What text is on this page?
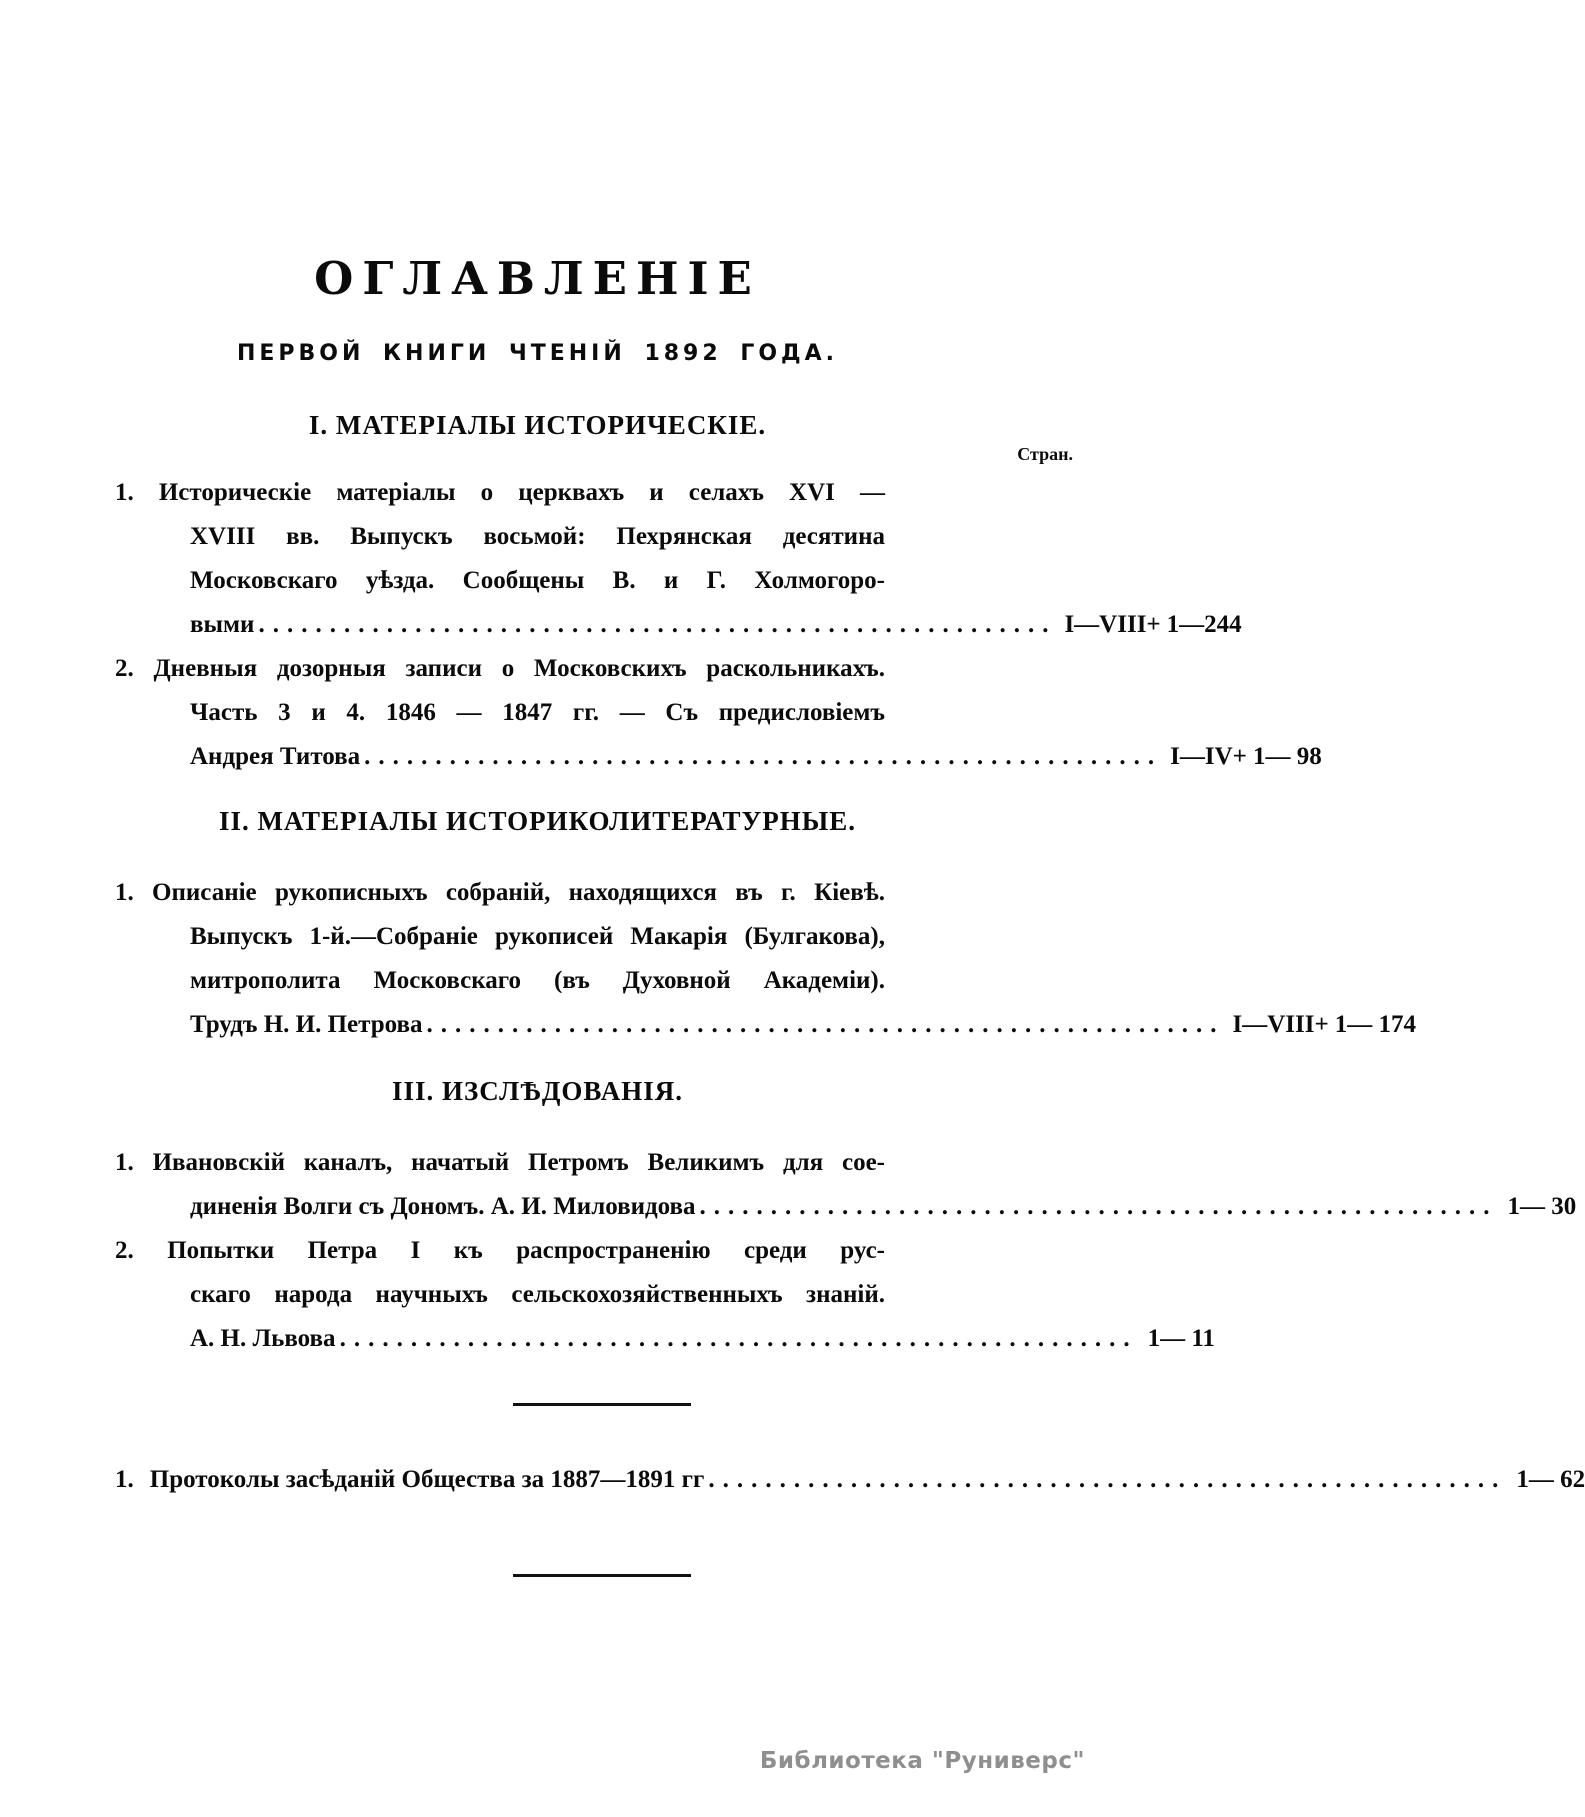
ОГЛАВЛЕНІЕ
ПЕРВОЙ КНИГИ ЧТЕНІЙ 1892 ГОДА.
I. МАТЕРІАЛЫ ИСТОРИЧЕСКІЕ.
Стран.
1. Историческіе матеріалы о церквахъ и селахъ XVI —
XVIII вв. Выпускъ восьмой: Пехрянская десятина
Московскаго уѣзда. Сообщены В. и Г. Холмогоро-
выми ........................................................ I—VIII+ 1—244
2. Дневныя дозорныя записи о Московскихъ раскольникахъ.
Часть 3 и 4. 1846 — 1847 гг. — Съ предисловіемъ
Андрея Титова ........................................................ I—IV+ 1— 98
II. МАТЕРІАЛЫ ИСТОРИКОЛИТЕРАТУРНЫЕ.
1. Описаніе рукописныхъ собраній, находящихся въ г. Кіевѣ.
Выпускъ 1-й.—Собраніе рукописей Макарія (Булгакова),
митрополита Московскаго (въ Духовной Академіи).
Трудъ Н. И. Петрова ........................................................ I—VIII+ 1— 174
III. ИЗСЛѢДОВАНІЯ.
1. Ивановскій каналъ, начатый Петромъ Великимъ для сое-
диненія Волги съ Дономъ. А. И. Миловидова ........................................................ 1— 30
2. Попытки Петра I къ распространенію среди рус-
скаго народа научныхъ сельскохозяйственныхъ знаній.
А. Н. Львова ........................................................ 1— 11
1. Протоколы засѣданій Общества за 1887—1891 гг ........................................................ 1— 62
Библиотека "Руниверс"
